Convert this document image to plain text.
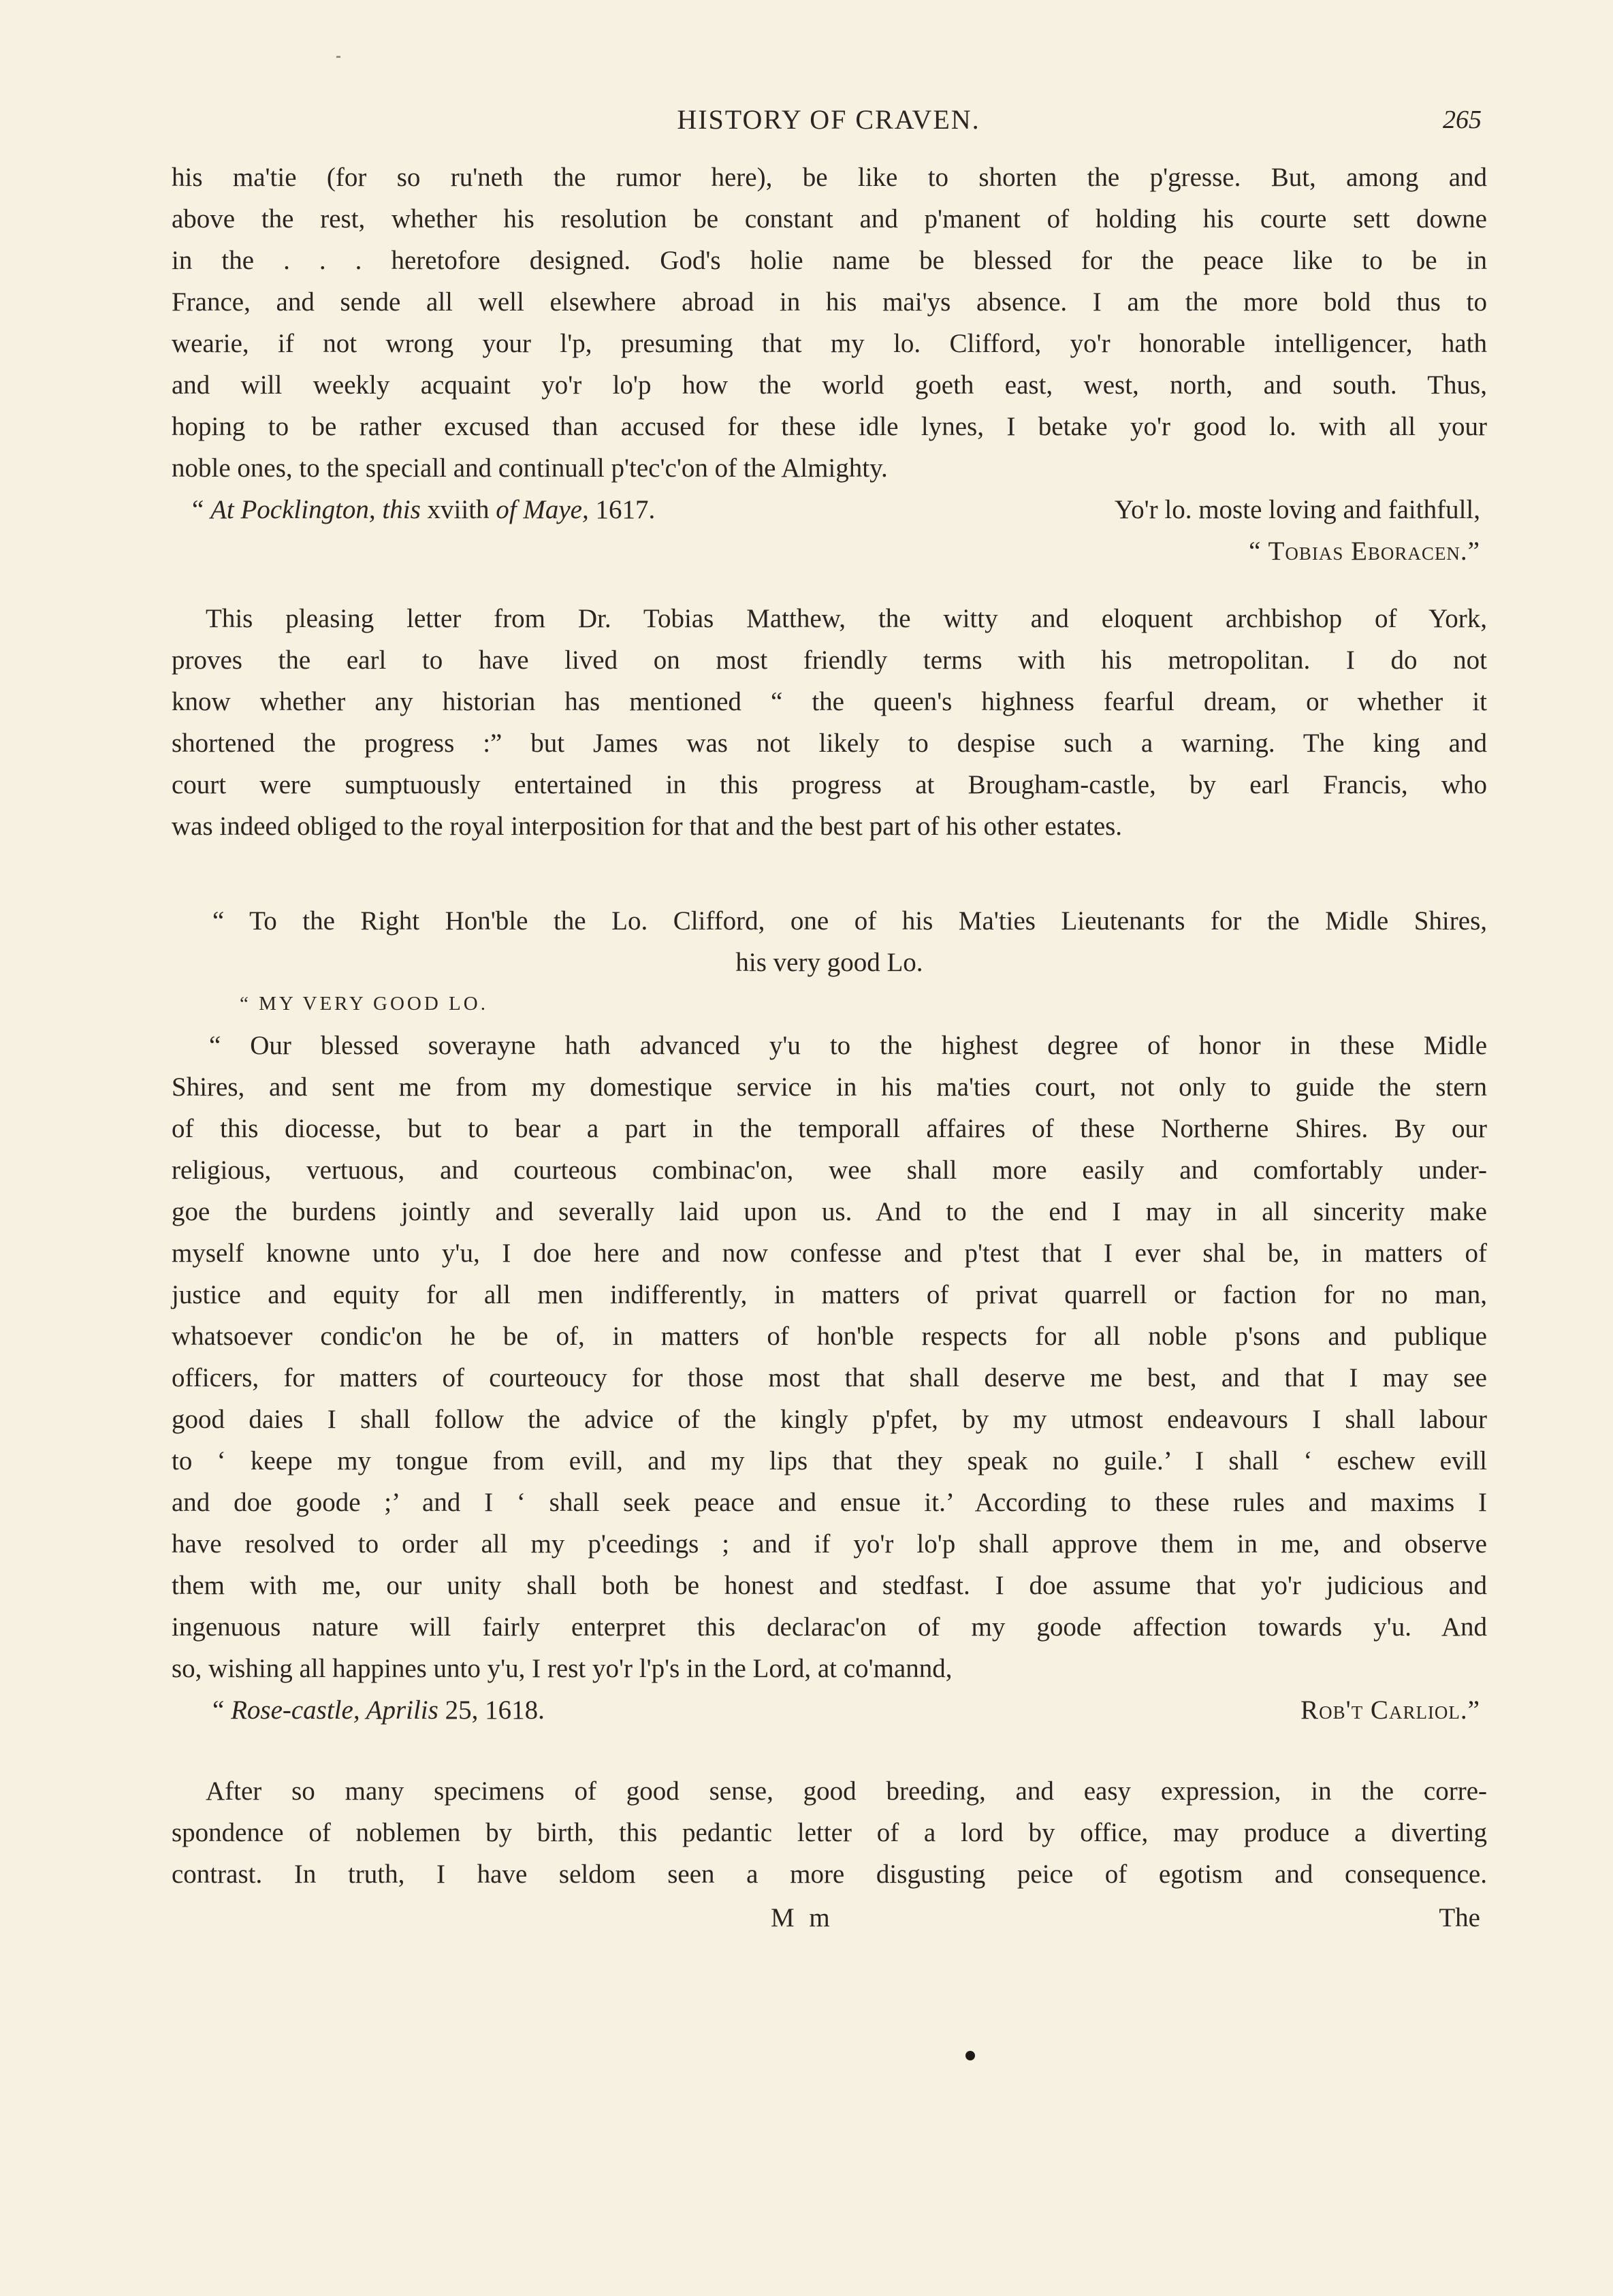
HISTORY OF CRAVEN.	265
his ma'tie (for so ru'neth the rumor here), be like to shorten the p'gresse. But, among and
above the rest, whether his resolution be constant and p'manent of holding his courte sett downe
in the . . . heretofore designed. God's holie name be blessed for the peace like to be in
France, and sende all well elsewhere abroad in his mai'ys absence. I am the more bold thus to
wearie, if not wrong your l'p, presuming that my lo. Clifford, yo'r honorable intelligencer, hath
and will weekly acquaint yo'r lo'p how the world goeth east, west, north, and south. Thus,
hoping to be rather excused than accused for these idle lynes, I betake yo'r good lo. with all your
noble ones, to the speciall and continuall p'tec'c'on of the Almighty.
“ At Pocklington, this xviith of Maye, 1617.	Yo'r lo. moste loving and faithfull,
“ Tobias Eboracen.”
This pleasing letter from Dr. Tobias Matthew, the witty and eloquent archbishop of York,
proves the earl to have lived on most friendly terms with his metropolitan. I do not
know whether any historian has mentioned “ the queen's highness fearful dream, or whether it
shortened the progress :” but James was not likely to despise such a warning. The king and
court were sumptuously entertained in this progress at Brougham-castle, by earl Francis, who
was indeed obliged to the royal interposition for that and the best part of his other estates.
“ To the Right Hon'ble the Lo. Clifford, one of his Ma'ties Lieutenants for the Midle Shires,
his very good Lo.
“ MY VERY GOOD LO.
“ Our blessed soverayne hath advanced y'u to the highest degree of honor in these Midle
Shires, and sent me from my domestique service in his ma'ties court, not only to guide the stern
of this diocesse, but to bear a part in the temporall affaires of these Northerne Shires. By our
religious, vertuous, and courteous combinac'on, wee shall more easily and comfortably under-
goe the burdens jointly and severally laid upon us. And to the end I may in all sincerity make
myself knowne unto y'u, I doe here and now confesse and p'test that I ever shal be, in matters of
justice and equity for all men indifferently, in matters of privat quarrell or faction for no man,
whatsoever condic'on he be of, in matters of hon'ble respects for all noble p'sons and publique
officers, for matters of courteoucy for those most that shall deserve me best, and that I may see
good daies I shall follow the advice of the kingly p'pfet, by my utmost endeavours I shall labour
to ‘ keepe my tongue from evill, and my lips that they speak no guile.’ I shall ‘ eschew evill
and doe goode ;’ and I ‘ shall seek peace and ensue it.’ According to these rules and maxims I
have resolved to order all my p'ceedings ; and if yo'r lo'p shall approve them in me, and observe
them with me, our unity shall both be honest and stedfast. I doe assume that yo'r judicious and
ingenuous nature will fairly enterpret this declarac'on of my goode affection towards y'u. And
so, wishing all happines unto y'u, I rest yo'r l'p's in the Lord, at co'mannd,
“ Rose-castle, Aprilis 25, 1618.	Rob't Carliol.”
After so many specimens of good sense, good breeding, and easy expression, in the corre-
spondence of noblemen by birth, this pedantic letter of a lord by office, may produce a diverting
contrast. In truth, I have seldom seen a more disgusting peice of egotism and consequence.
M m	The
